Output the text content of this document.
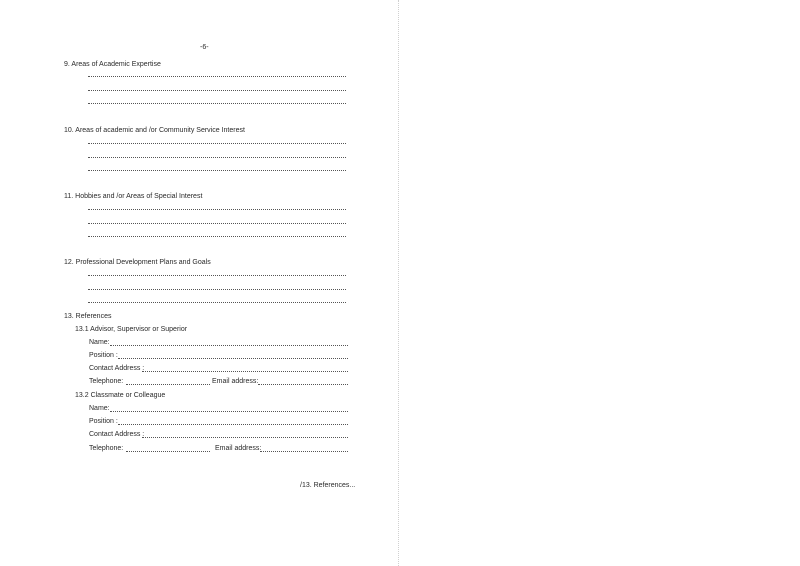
-6-
9. Areas of Academic Expertise
10. Areas of academic and /or Community Service Interest
11. Hobbies and /or Areas of Special Interest
12. Professional Development Plans and Goals
13. References
13.1 Advisor, Supervisor or Superior
Name:
Position :
Contact Address :
Telephone:	Email address:
13.2 Classmate or Colleague
Name:
Position :
Contact Address :
Telephone:	Email address:
/13. References...
